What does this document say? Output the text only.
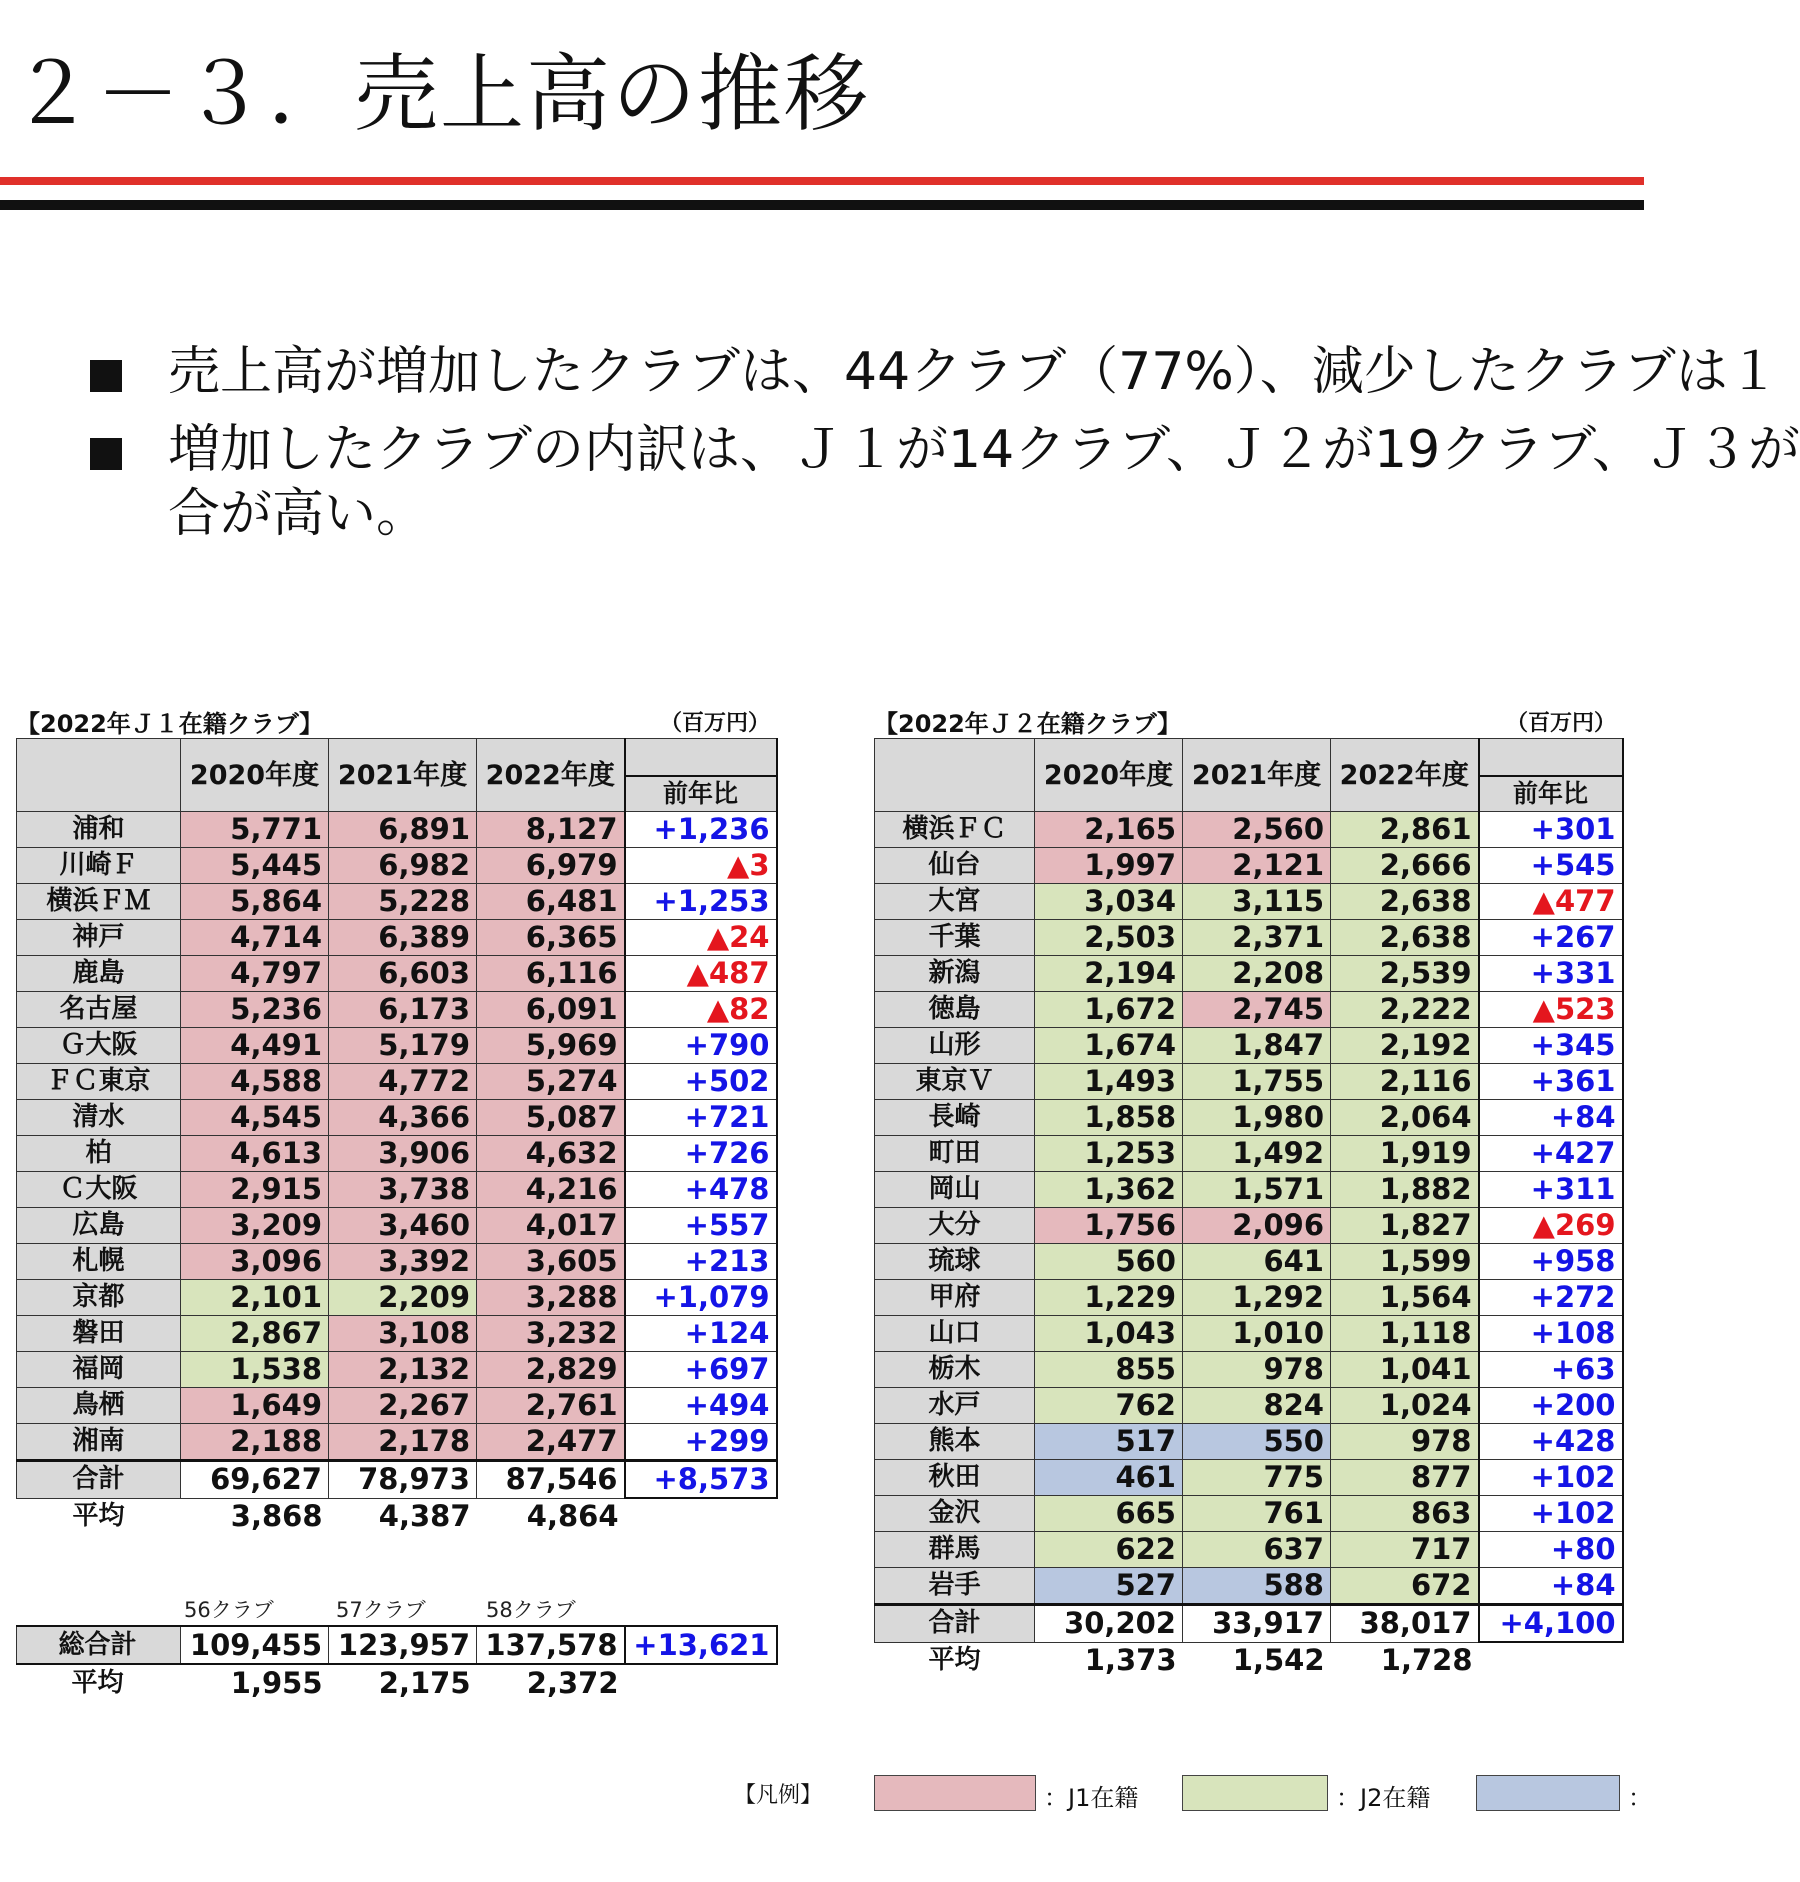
２－３．売上高の推移
売上高が増加したクラブは、44クラブ（77%）、減少したクラブは１
増加したクラブの内訳は、Ｊ１が14クラブ、Ｊ２が19クラブ、Ｊ３が
合が高い。
【2022年Ｊ１在籍クラブ】	（百万円）
	2020年度	2021年度	2022年度	前年比

浦和	5,771	6,891	8,127	+1,236
川崎Ｆ	5,445	6,982	6,979	▲3
横浜ＦＭ	5,864	5,228	6,481	+1,253
神戸	4,714	6,389	6,365	▲24
鹿島	4,797	6,603	6,116	▲487
名古屋	5,236	6,173	6,091	▲82
Ｇ大阪	4,491	5,179	5,969	+790
ＦＣ東京	4,588	4,772	5,274	+502
清水	4,545	4,366	5,087	+721
柏	4,613	3,906	4,632	+726
Ｃ大阪	2,915	3,738	4,216	+478
広島	3,209	3,460	4,017	+557
札幌	3,096	3,392	3,605	+213
京都	2,101	2,209	3,288	+1,079
磐田	2,867	3,108	3,232	+124
福岡	1,538	2,132	2,829	+697
鳥栖	1,649	2,267	2,761	+494
湘南	2,188	2,178	2,477	+299
合計	69,627	78,973	87,546	+8,573
平均	3,868	4,387	4,864	
56クラブ	57クラブ	58クラブ
総合計	109,455	123,957	137,578	+13,621
平均	1,955	2,175	2,372	
【2022年Ｊ２在籍クラブ】	（百万円）
	2020年度	2021年度	2022年度	前年比

横浜ＦＣ	2,165	2,560	2,861	+301
仙台	1,997	2,121	2,666	+545
大宮	3,034	3,115	2,638	▲477
千葉	2,503	2,371	2,638	+267
新潟	2,194	2,208	2,539	+331
徳島	1,672	2,745	2,222	▲523
山形	1,674	1,847	2,192	+345
東京Ｖ	1,493	1,755	2,116	+361
長崎	1,858	1,980	2,064	+84
町田	1,253	1,492	1,919	+427
岡山	1,362	1,571	1,882	+311
大分	1,756	2,096	1,827	▲269
琉球	560	641	1,599	+958
甲府	1,229	1,292	1,564	+272
山口	1,043	1,010	1,118	+108
栃木	855	978	1,041	+63
水戸	762	824	1,024	+200
熊本	517	550	978	+428
秋田	461	775	877	+102
金沢	665	761	863	+102
群馬	622	637	717	+80
岩手	527	588	672	+84
合計	30,202	33,917	38,017	+4,100
平均	1,373	1,542	1,728	
【凡例】	：J1在籍	：J2在籍	：
